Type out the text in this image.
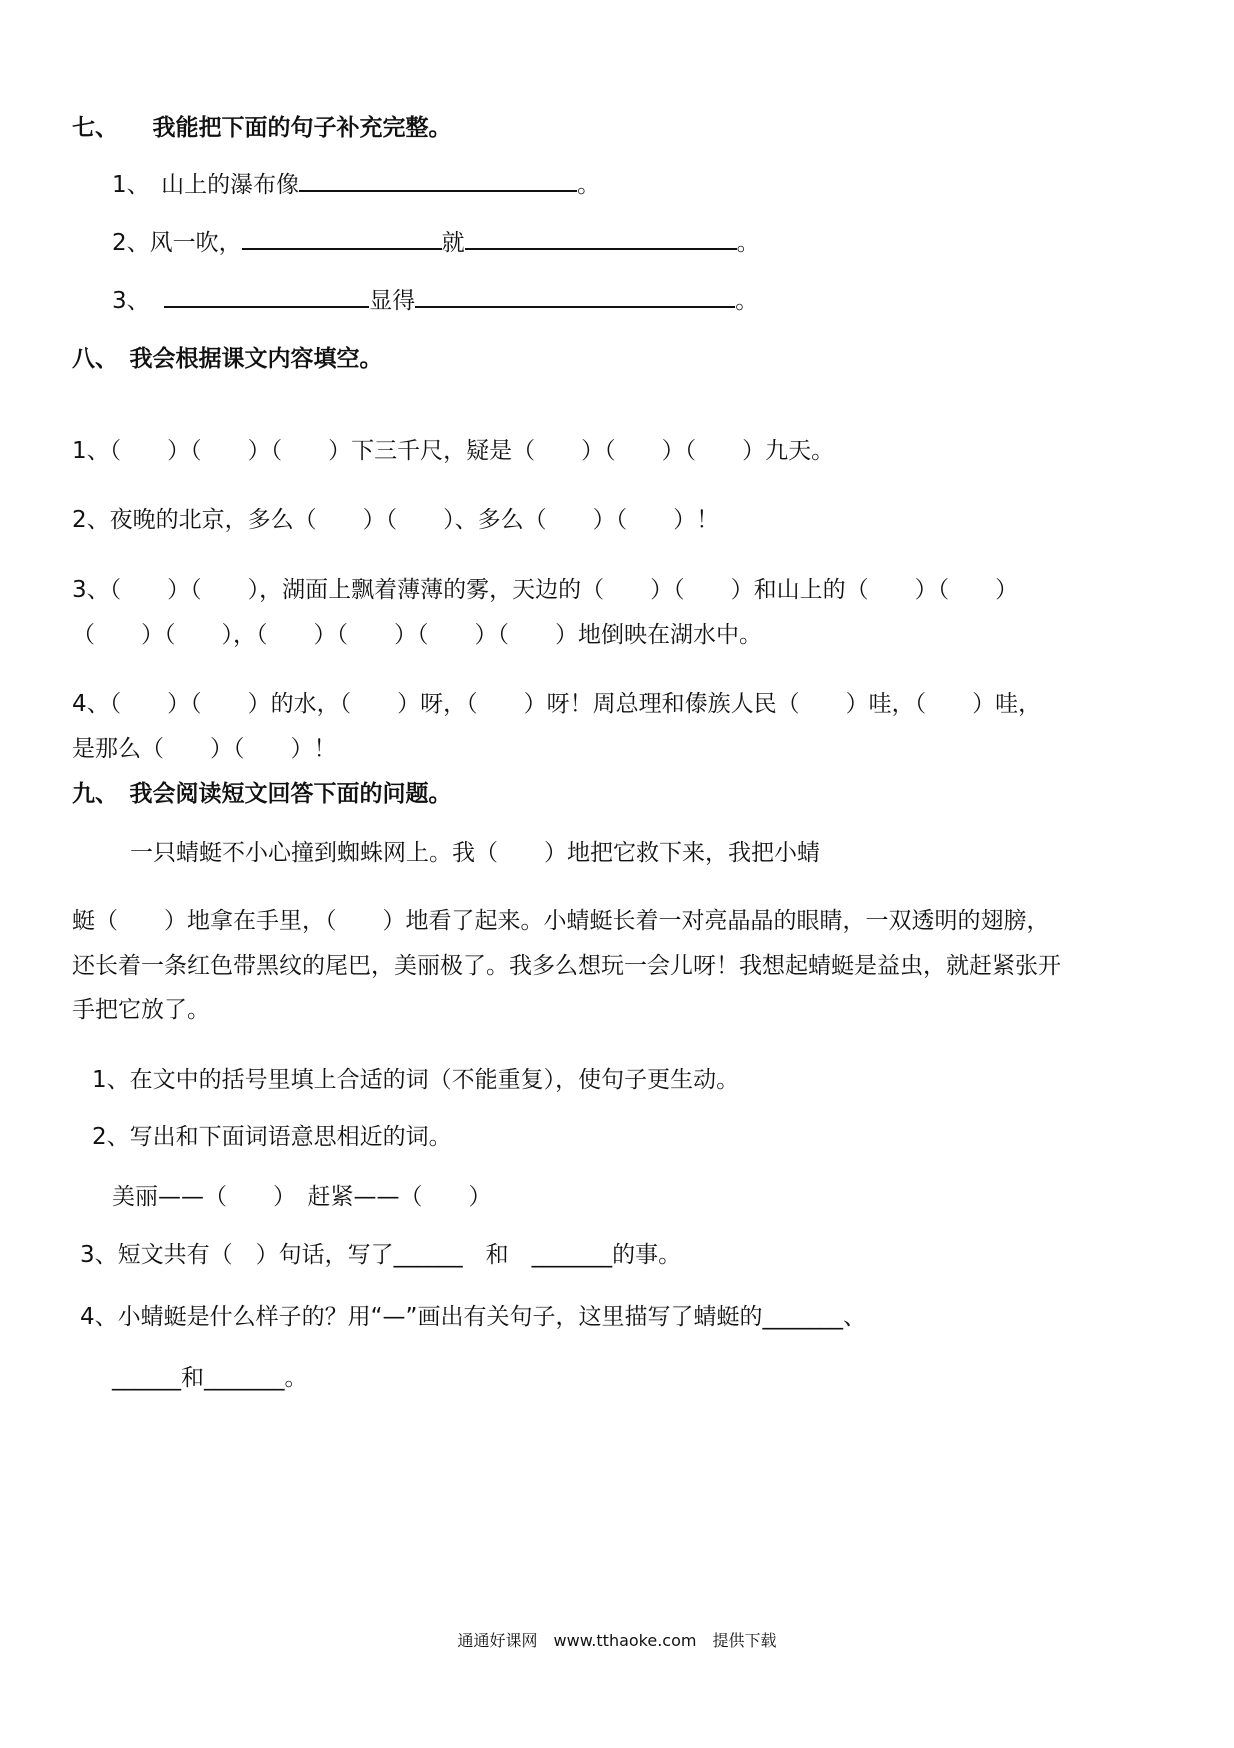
七、　　我能把下面的句子补充完整。
1、　山上的瀑布像	。
2、风一吹，	就	。
3、	显得	。
八、　我会根据课文内容填空。
1、（　　）（　　）（　　）下三千尺，疑是（　　）（　　）（　　）九天。
2、夜晚的北京，多么（　　）（　　）、多么（　　）（　　）！
3、（　　）（　　），湖面上飘着薄薄的雾，天边的（　　）（　　）和山上的（　　）（　　）
（　　）（　　），（　　）（　　）（　　）（　　）地倒映在湖水中。
4、（　　）（　　）的水，（　　）呀，（　　）呀！周总理和傣族人民（　　）哇，（　　）哇，
是那么（　　）（　　）！
九、　我会阅读短文回答下面的问题。
一只蜻蜓不小心撞到蜘蛛网上。我（　　）地把它救下来，我把小蜻
蜓（　　）地拿在手里，（　　）地看了起来。小蜻蜓长着一对亮晶晶的眼睛，一双透明的翅膀，
还长着一条红色带黑纹的尾巴，美丽极了。我多么想玩一会儿呀！我想起蜻蜓是益虫，就赶紧张开
手把它放了。
1、在文中的括号里填上合适的词（不能重复），使句子更生动。
2、写出和下面词语意思相近的词。
美丽——（　　）　赶紧——（　　）
3、短文共有（　）句话，写了______　和　_______的事。
4、小蜻蜓是什么样子的？用“—”画出有关句子，这里描写了蜻蜓的_______、
______和_______。
通通好课网　www.tthaoke.com　提供下载
